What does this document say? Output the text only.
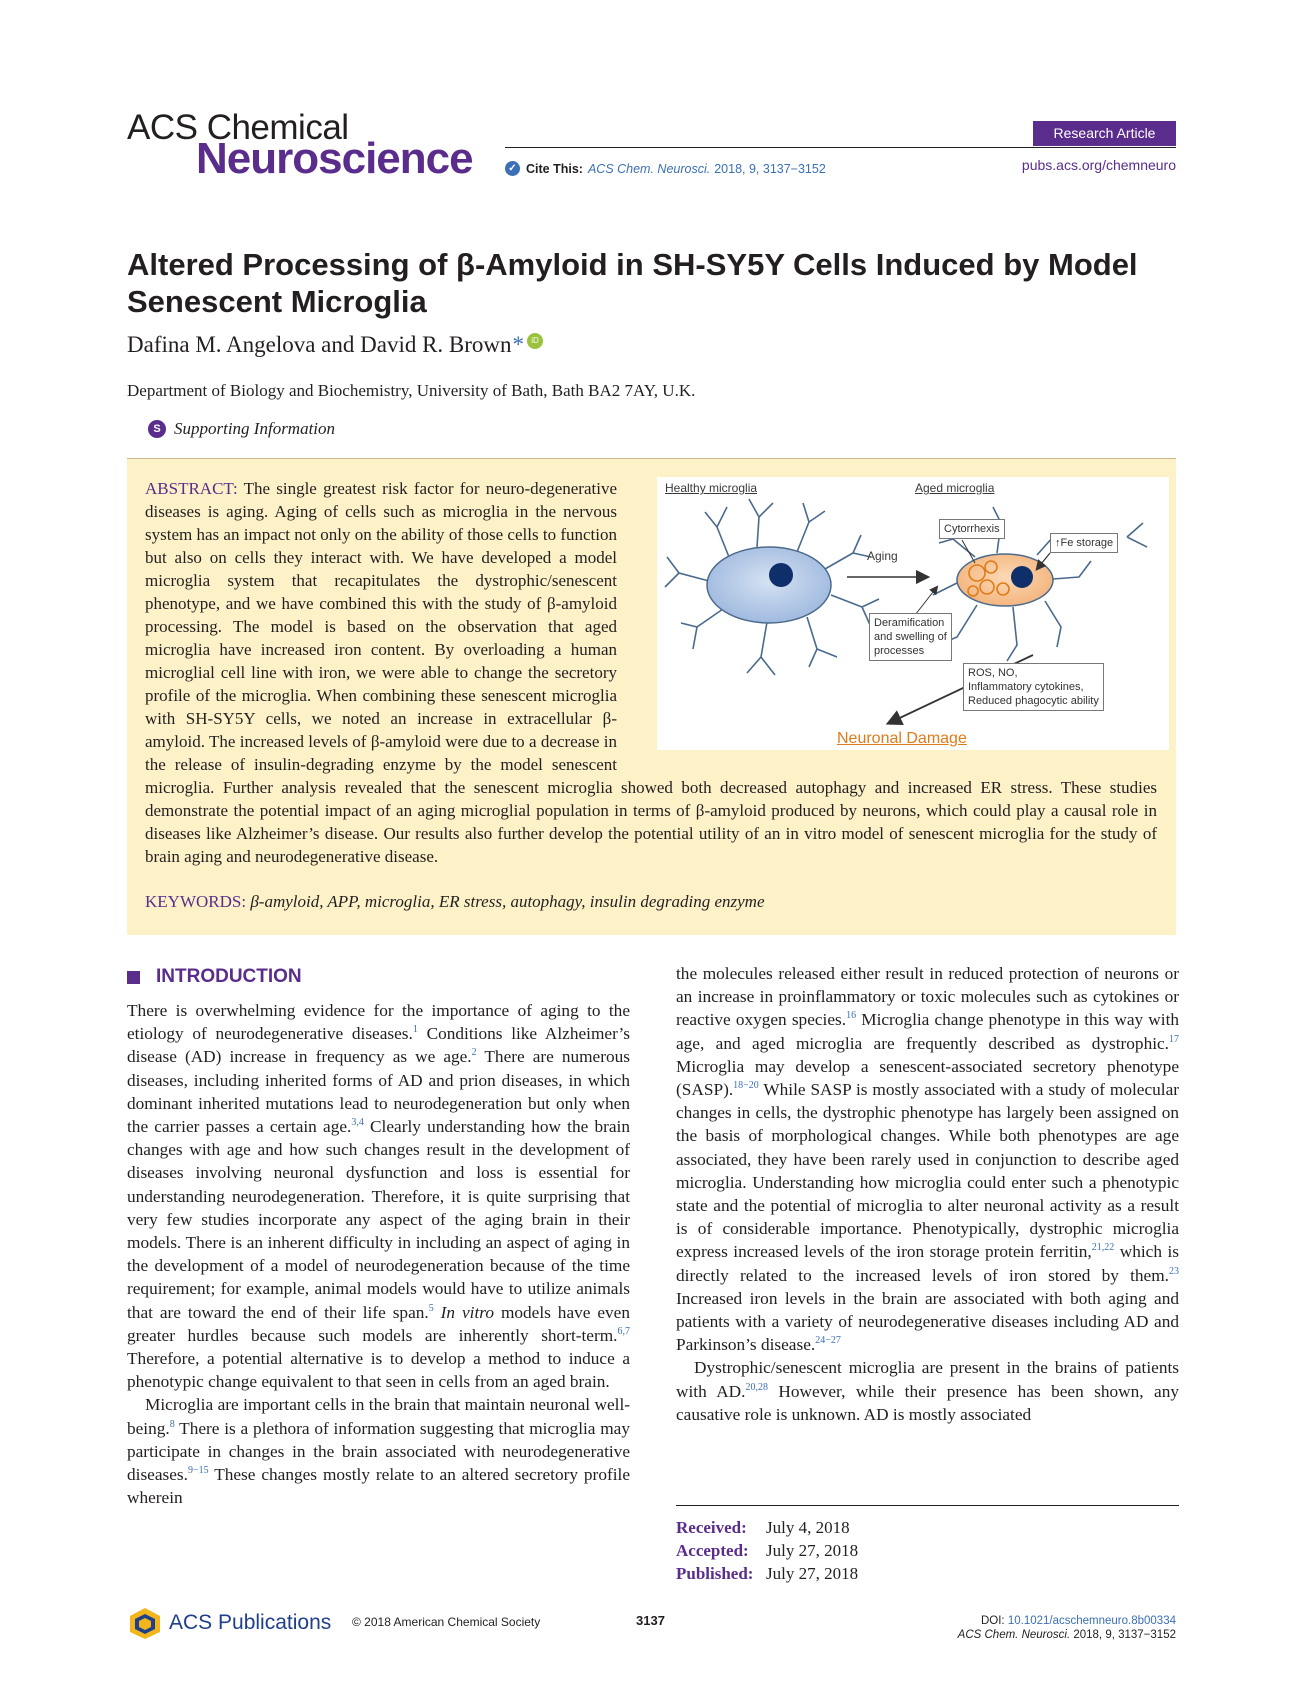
ACS Chemical
Neuroscience
Research Article
✓ Cite This: ACS Chem. Neurosci. 2018, 9, 3137−3152	pubs.acs.org/chemneuro
Altered Processing of β-Amyloid in SH-SY5Y Cells Induced by Model Senescent Microglia
Dafina M. Angelova and David R. Brown * iD
Department of Biology and Biochemistry, University of Bath, Bath BA2 7AY, U.K.
S Supporting Information
ABSTRACT: The single greatest risk factor for neuro-degenerative diseases is aging. Aging of cells such as microglia in the nervous system has an impact not only on the ability of those cells to function but also on cells they interact with. We have developed a model microglia system that recapitulates the dystrophic/senescent phenotype, and we have combined this with the study of β-amyloid processing. The model is based on the observation that aged microglia have increased iron content. By overloading a human microglial cell line with iron, we were able to change the secretory profile of the microglia. When combining these senescent microglia with SH-SY5Y cells, we noted an increase in extracellular β-amyloid. The increased levels of β-amyloid were due to a decrease in the release of insulin-degrading enzyme by the model senescent microglia. Further analysis revealed that the senescent microglia showed both decreased autophagy and increased ER stress. These studies demonstrate the potential impact of an aging microglial population in terms of β-amyloid produced by neurons, which could play a causal role in diseases like Alzheimer’s disease. Our results also further develop the potential utility of an in vitro model of senescent microglia for the study of brain aging and neurodegenerative disease.
Healthy microglia	Aged microglia
Aging
Cytorrhexis
↑Fe storage
Deramification
and swelling of
processes
ROS, NO,
Inflammatory cytokines,
Reduced phagocytic ability
Neuronal Damage
KEYWORDS: β-amyloid, APP, microglia, ER stress, autophagy, insulin degrading enzyme
INTRODUCTION

There is overwhelming evidence for the importance of aging to the etiology of neurodegenerative diseases.$^1$ Conditions like Alzheimer’s disease (AD) increase in frequency as we age.$^2$ There are numerous diseases, including inherited forms of AD and prion diseases, in which dominant inherited mutations lead to neurodegeneration but only when the carrier passes a certain age.$^{3,4}$ Clearly understanding how the brain changes with age and how such changes result in the development of diseases involving neuronal dysfunction and loss is essential for understanding neurodegeneration. Therefore, it is quite surprising that very few studies incorporate any aspect of the aging brain in their models. There is an inherent difficulty in including an aspect of aging in the development of a model of neurodegeneration because of the time requirement; for example, animal models would have to utilize animals that are toward the end of their life span.$^5$ In vitro models have even greater hurdles because such models are inherently short-term.$^{6,7}$ Therefore, a potential alternative is to develop a method to induce a phenotypic change equivalent to that seen in cells from an aged brain.

Microglia are important cells in the brain that maintain neuronal well-being.$^8$ There is a plethora of information suggesting that microglia may participate in changes in the brain associated with neurodegenerative diseases.$^{9-15}$ These changes mostly relate to an altered secretory profile wherein

the molecules released either result in reduced protection of neurons or an increase in proinflammatory or toxic molecules such as cytokines or reactive oxygen species.$^{16}$ Microglia change phenotype in this way with age, and aged microglia are frequently described as dystrophic.$^{17}$ Microglia may develop a senescent-associated secretory phenotype (SASP).$^{18-20}$ While SASP is mostly associated with a study of molecular changes in cells, the dystrophic phenotype has largely been assigned on the basis of morphological changes. While both phenotypes are age associated, they have been rarely used in conjunction to describe aged microglia. Understanding how microglia could enter such a phenotypic state and the potential of microglia to alter neuronal activity as a result is of considerable importance. Phenotypically, dystrophic microglia express increased levels of the iron storage protein ferritin,$^{21,22}$ which is directly related to the increased levels of iron stored by them.$^{23}$ Increased iron levels in the brain are associated with both aging and patients with a variety of neurodegenerative diseases including AD and Parkinson’s disease.$^{24-27}$

Dystrophic/senescent microglia are present in the brains of patients with AD.$^{20,28}$ However, while their presence has been shown, any causative role is unknown. AD is mostly associated

Received:	July 4, 2018
Accepted:	July 27, 2018
Published: July 27, 2018
ACS Publications © 2018 American Chemical Society	3137	DOI: 10.1021/acschemneuro.8b00334
ACS Chem. Neurosci. 2018, 9, 3137−3152
